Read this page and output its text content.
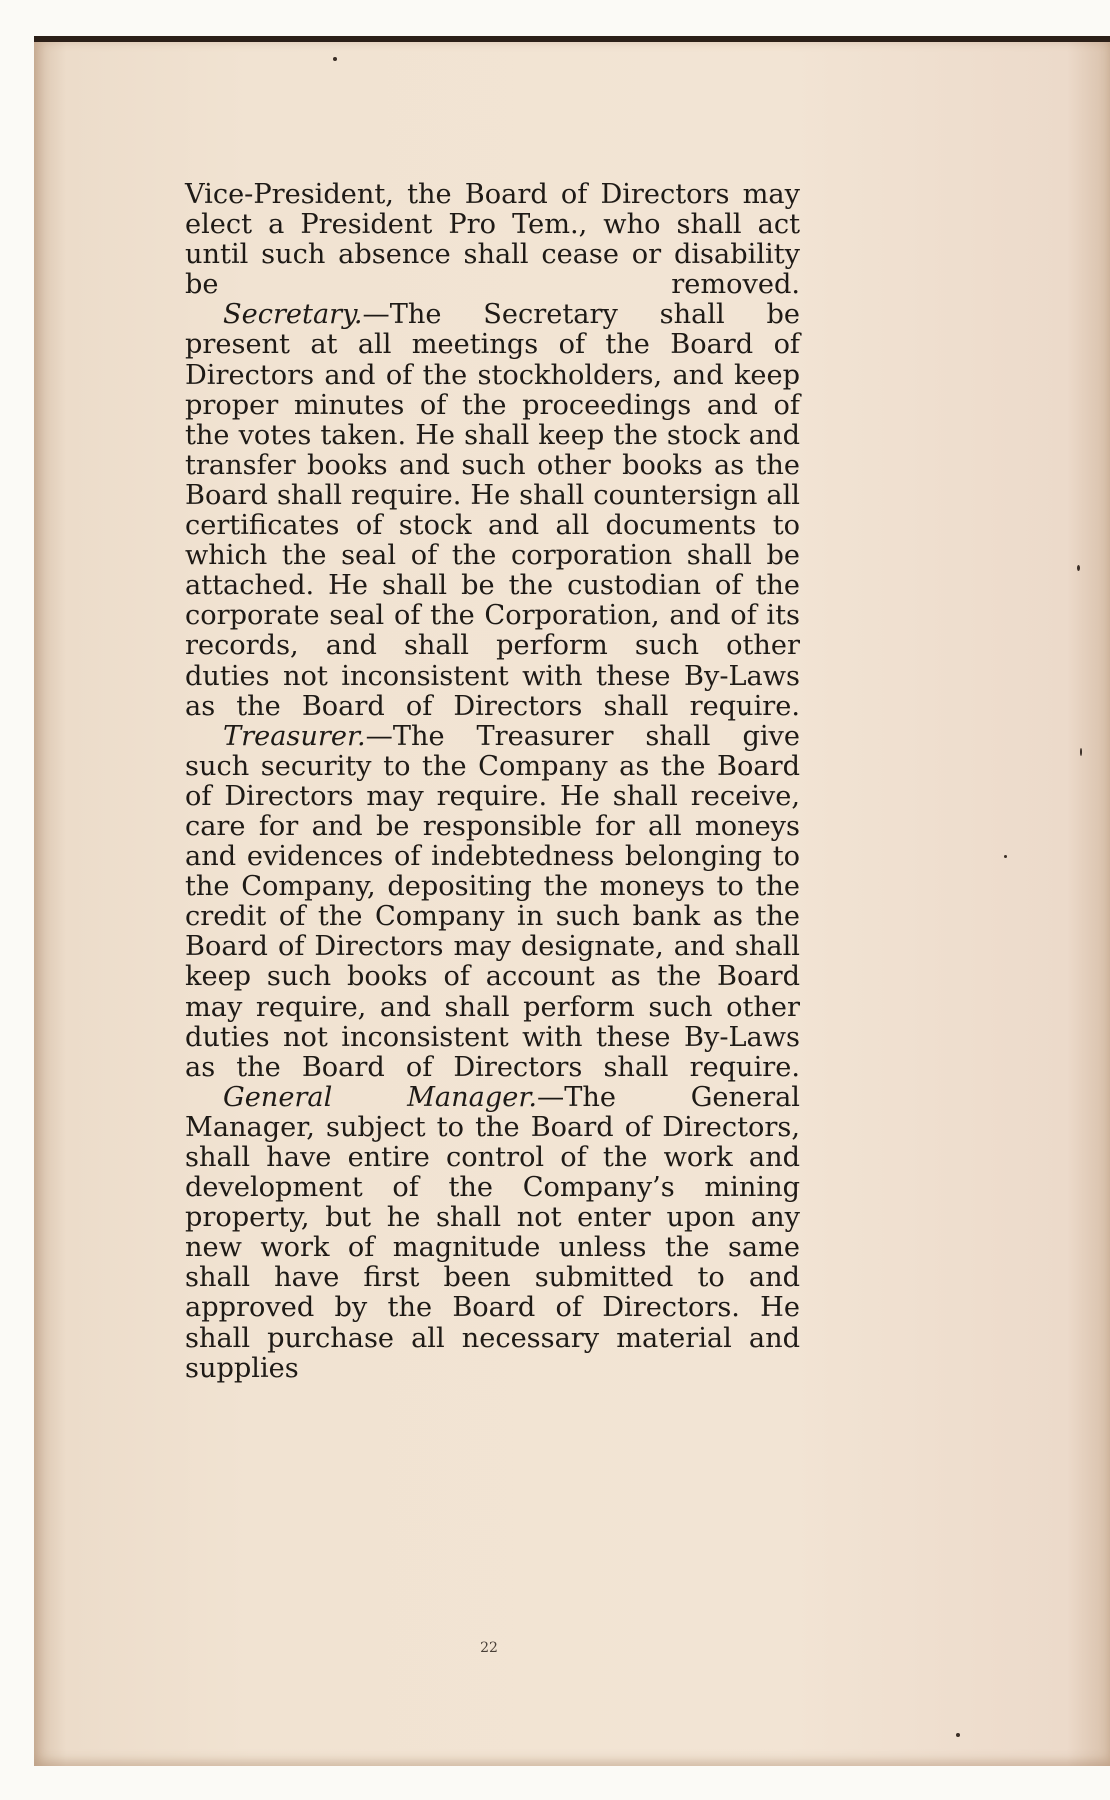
Vice-President, the Board of Directors may elect a President Pro Tem., who shall act until such absence shall cease or disability be removed.

Secretary.—The Secretary shall be present at all meetings of the Board of Directors and of the stockholders, and keep proper minutes of the proceedings and of the votes taken. He shall keep the stock and transfer books and such other books as the Board shall require. He shall countersign all certificates of stock and all documents to which the seal of the corporation shall be attached. He shall be the custodian of the corporate seal of the Corporation, and of its records, and shall perform such other duties not inconsistent with these By-Laws as the Board of Directors shall require.

Treasurer.—The Treasurer shall give such security to the Company as the Board of Directors may require. He shall receive, care for and be responsible for all moneys and evidences of indebtedness belonging to the Company, depositing the moneys to the credit of the Company in such bank as the Board of Directors may designate, and shall keep such books of account as the Board may require, and shall perform such other duties not inconsistent with these By-Laws as the Board of Directors shall require.

General Manager.—The General Manager, subject to the Board of Directors, shall have entire control of the work and development of the Company’s mining property, but he shall not enter upon any new work of magnitude unless the same shall have first been submitted to and approved by the Board of Directors. He shall purchase all necessary material and supplies

22
